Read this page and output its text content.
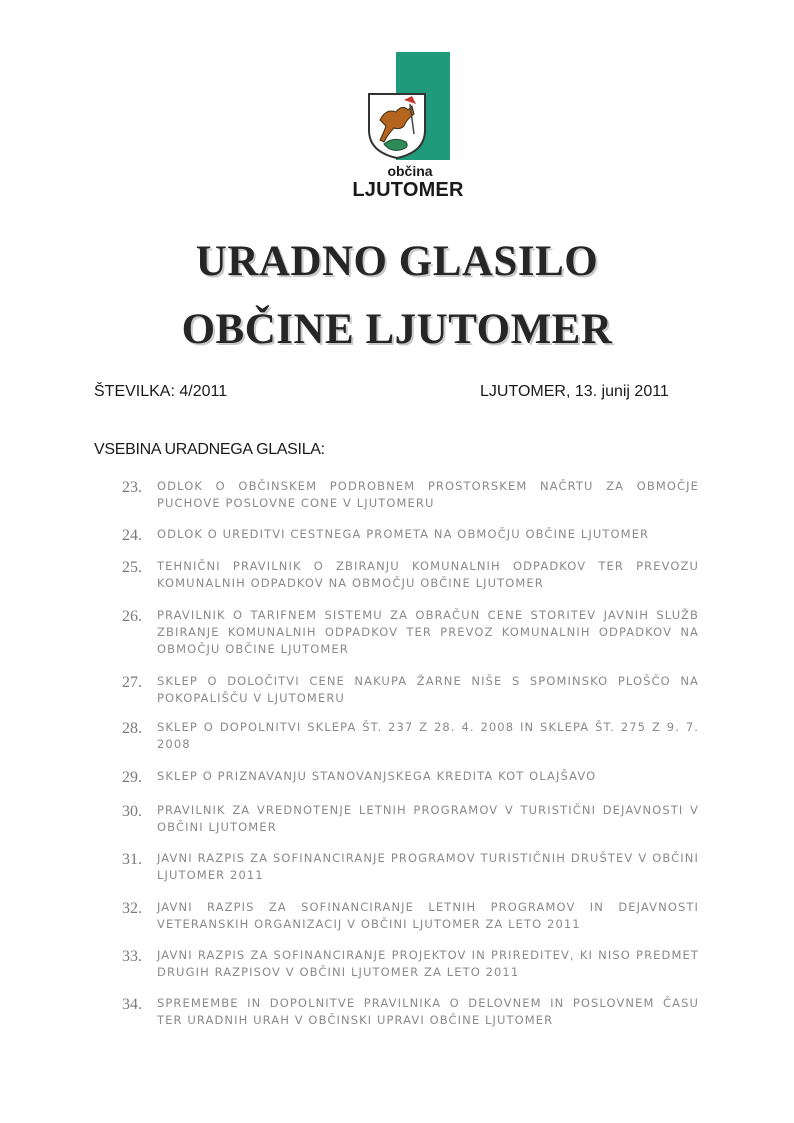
občina
LJUTOMER
URADNO GLASILO
OBČINE LJUTOMER
ŠTEVILKA: 4/2011	LJUTOMER, 13. junij 2011
VSEBINA URADNEGA GLASILA:
23. ODLOK O OBČINSKEM PODROBNEM PROSTORSKEM NAČRTU ZA OBMOČJE PUCHOVE POSLOVNE CONE V LJUTOMERU
24. ODLOK O UREDITVI CESTNEGA PROMETA NA OBMOČJU OBČINE LJUTOMER
25. TEHNIČNI PRAVILNIK O ZBIRANJU KOMUNALNIH ODPADKOV TER PREVOZU KOMUNALNIH ODPADKOV NA OBMOČJU OBČINE LJUTOMER
26. PRAVILNIK O TARIFNEM SISTEMU ZA OBRAČUN CENE STORITEV JAVNIH SLUŽB ZBIRANJE KOMUNALNIH ODPADKOV TER PREVOZ KOMUNALNIH ODPADKOV NA OBMOČJU OBČINE LJUTOMER
27. SKLEP O DOLOČITVI CENE NAKUPA ŽARNE NIŠE S SPOMINSKO PLOŠČO NA POKOPALIŠČU V LJUTOMERU
28. SKLEP O DOPOLNITVI SKLEPA ŠT. 237 Z 28. 4. 2008 IN SKLEPA ŠT. 275 Z 9. 7. 2008
29. SKLEP O PRIZNAVANJU STANOVANJSKEGA KREDITA KOT OLAJŠAVO
30. PRAVILNIK ZA VREDNOTENJE LETNIH PROGRAMOV V TURISTIČNI DEJAVNOSTI V OBČINI LJUTOMER
31. JAVNI RAZPIS ZA SOFINANCIRANJE PROGRAMOV TURISTIČNIH DRUŠTEV V OBČINI LJUTOMER 2011
32. JAVNI RAZPIS ZA SOFINANCIRANJE LETNIH PROGRAMOV IN DEJAVNOSTI VETERANSKIH ORGANIZACIJ V OBČINI LJUTOMER ZA LETO 2011
33. JAVNI RAZPIS ZA SOFINANCIRANJE PROJEKTOV IN PRIREDITEV, KI NISO PREDMET DRUGIH RAZPISOV V OBČINI LJUTOMER ZA LETO 2011
34. SPREMEMBE IN DOPOLNITVE PRAVILNIKA O DELOVNEM IN POSLOVNEM ČASU TER URADNIH URAH V OBČINSKI UPRAVI OBČINE LJUTOMER
